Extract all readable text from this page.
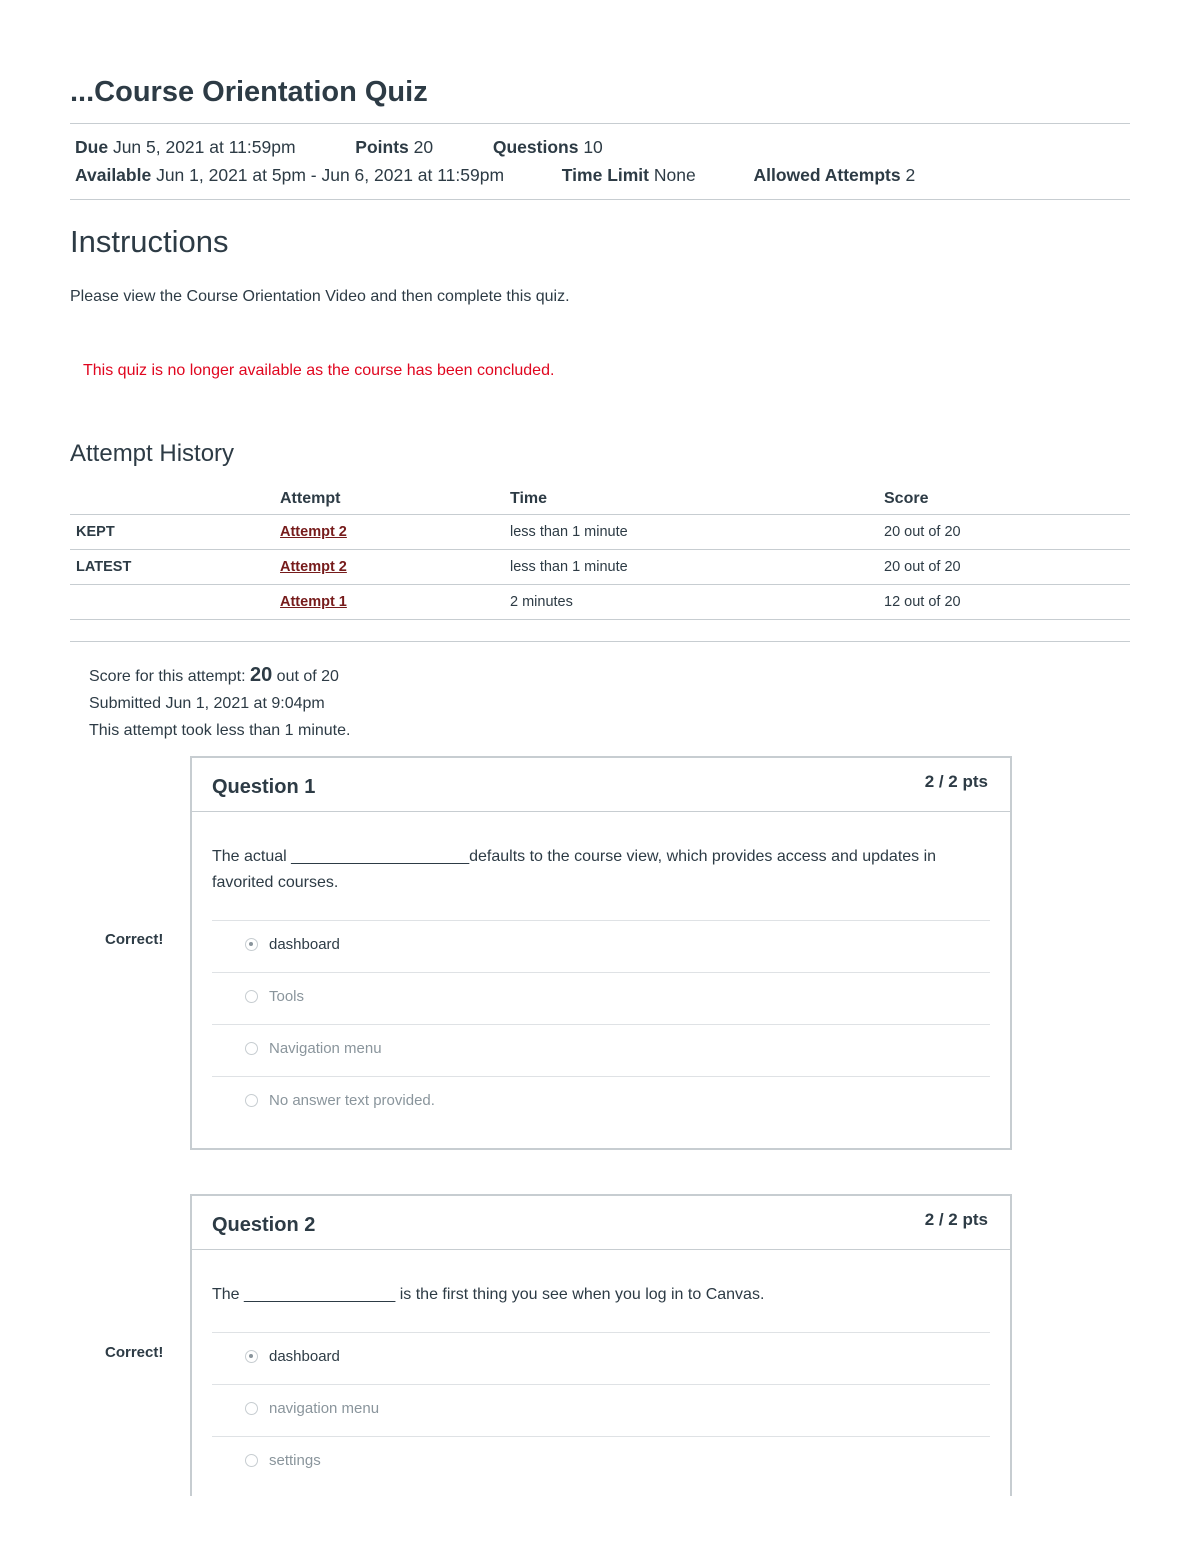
...Course Orientation Quiz
Due Jun 5, 2021 at 11:59pm	Points 20	Questions 10
Available Jun 1, 2021 at 5pm - Jun 6, 2021 at 11:59pm	Time Limit None	Allowed Attempts 2
Instructions
Please view the Course Orientation Video and then complete this quiz.
This quiz is no longer available as the course has been concluded.
Attempt History
	Attempt	Time	Score
KEPT	Attempt 2	less than 1 minute	20 out of 20
LATEST	Attempt 2	less than 1 minute	20 out of 20
	Attempt 1	2 minutes	12 out of 20
Score for this attempt: 20 out of 20
Submitted Jun 1, 2021 at 9:04pm
This attempt took less than 1 minute.
Question 1	2 / 2 pts
The actual ____________________defaults to the course view, which provides access and updates in favorited courses.
dashboard
Tools
Navigation menu
No answer text provided.
Correct!
Question 2	2 / 2 pts
The _________________ is the first thing you see when you log in to Canvas.
dashboard
navigation menu
settings
Correct!
